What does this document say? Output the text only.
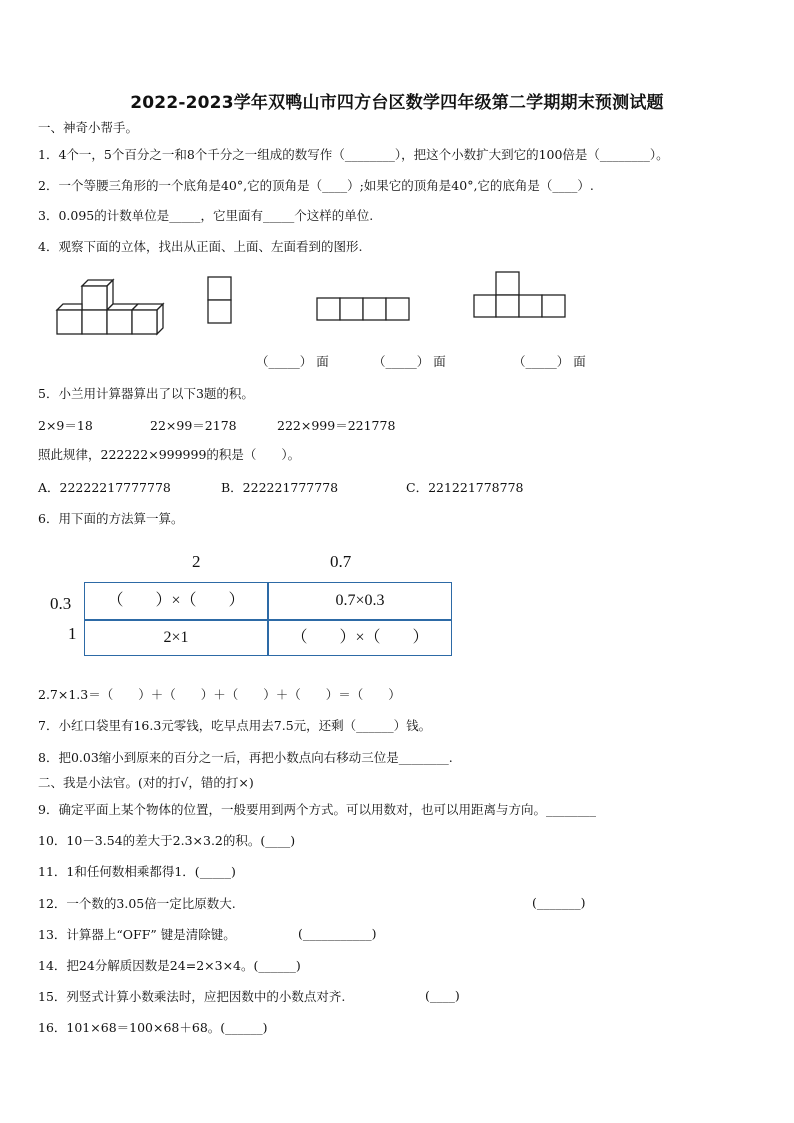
2022-2023学年双鸭山市四方台区数学四年级第二学期期末预测试题
一、神奇小帮手。
1．4个一，5个百分之一和8个千分之一组成的数写作（________），把这个小数扩大到它的100倍是（________）。
2．一个等腰三角形的一个底角是40°,它的顶角是（____）;如果它的顶角是40°,它的底角是（____）.
3．0.095的计数单位是_____，它里面有_____个这样的单位.
4．观察下面的立体，找出从正面、上面、左面看到的图形.
（_____） 面	（_____） 面	（_____） 面
5．小兰用计算器算出了以下3题的积。
2×9＝18	22×99＝2178	222×999＝221778
照此规律，222222×999999的积是（　　）。
A．22222217777778	B．222221777778	C．221221778778
6．用下面的方法算一算。
2	0.7
0.3
1
（　　）×（　　）	0.7×0.3
2×1	（　　）×（　　）
2.7×1.3＝（　　）＋（　　）＋（　　）＋（　　）＝（　　）
7．小红口袋里有16.3元零钱，吃早点用去7.5元，还剩（______）钱。
8．把0.03缩小到原来的百分之一后，再把小数点向右移动三位是________.
二、我是小法官。(对的打√，错的打×)
9．确定平面上某个物体的位置，一般要用到两个方式。可以用数对，也可以用距离与方向。________
10．10－3.54的差大于2.3×3.2的积。(____)
11．1和任何数相乘都得1．(_____)
12．一个数的3.05倍一定比原数大.	(_______)
13．计算器上“OFF” 键是清除键。	(___________)
14．把24分解质因数是24=2×3×4。(______)
15．列竖式计算小数乘法时，应把因数中的小数点对齐.	(____)
16．101×68＝100×68＋68。(______)
